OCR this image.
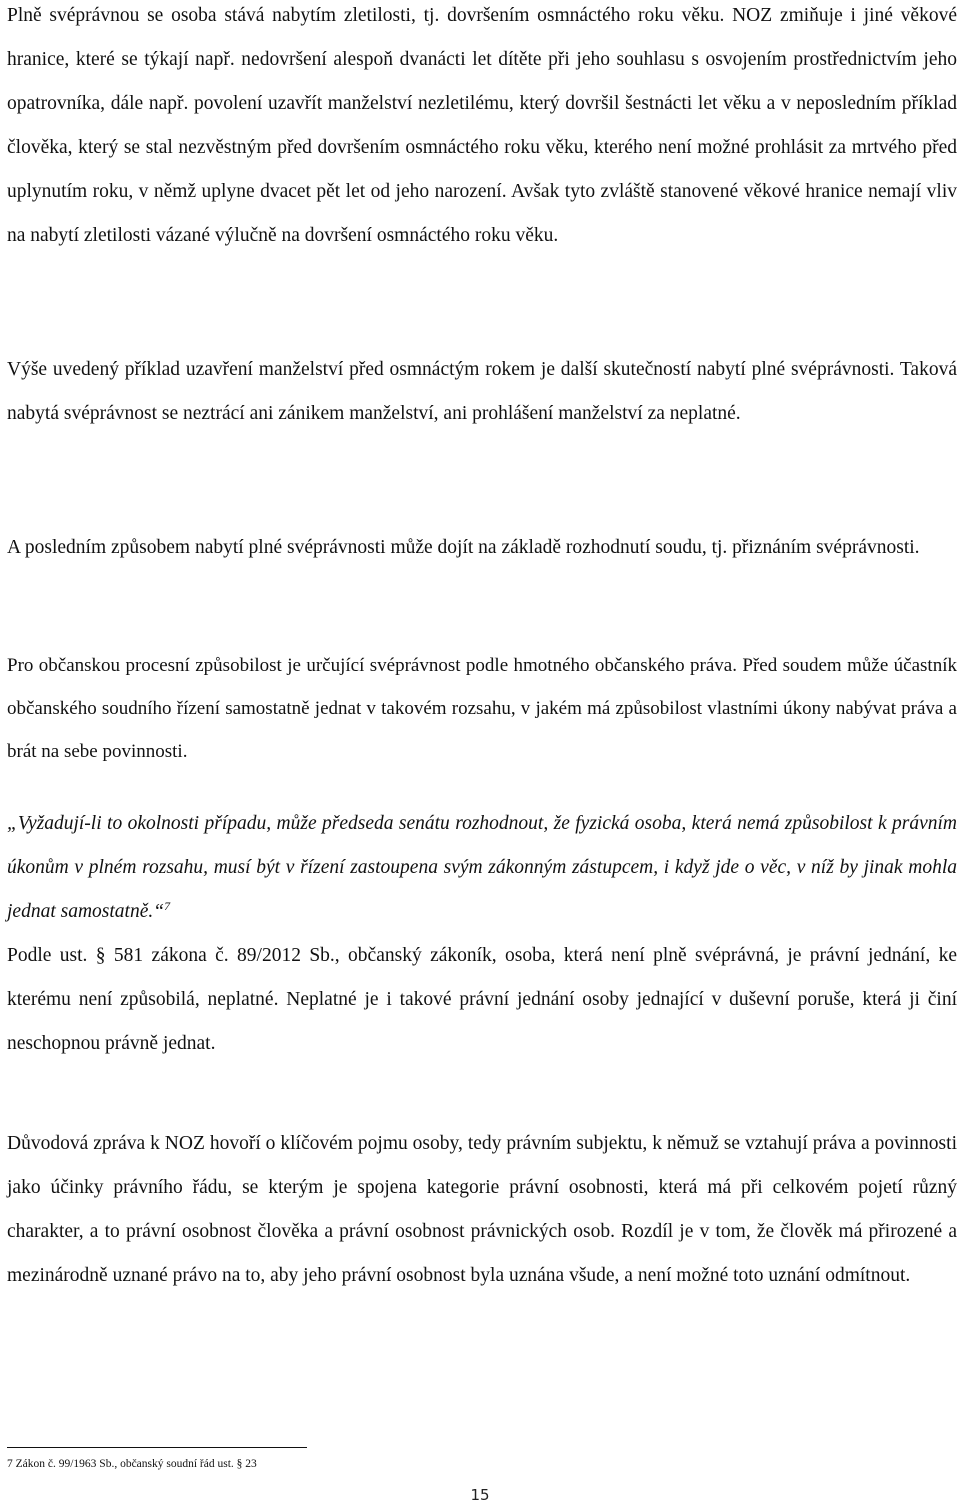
Plně svéprávnou se osoba stává nabytím zletilosti, tj. dovršením osmnáctého roku věku. NOZ zmiňuje i jiné věkové hranice, které se týkají např. nedovršení alespoň dvanácti let dítěte při jeho souhlasu s osvojením prostřednictvím jeho opatrovníka, dále např. povolení uzavřít manželství nezletilému, který dovršil šestnácti let věku a v neposledním příklad člověka, který se stal nezvěstným před dovršením osmnáctého roku věku, kterého není možné prohlásit za mrtvého před uplynutím roku, v němž uplyne dvacet pět let od jeho narození. Avšak tyto zvláště stanovené věkové hranice nemají vliv na nabytí zletilosti vázané výlučně na dovršení osmnáctého roku věku.

Výše uvedený příklad uzavření manželství před osmnáctým rokem je další skutečností nabytí plné svéprávnosti. Taková nabytá svéprávnost se neztrácí ani zánikem manželství, ani prohlášení manželství za neplatné.

A posledním způsobem nabytí plné svéprávnosti může dojít na základě rozhodnutí soudu, tj. přiznáním svéprávnosti.

Pro občanskou procesní způsobilost je určující svéprávnost podle hmotného občanského práva. Před soudem může účastník občanského soudního řízení samostatně jednat v takovém rozsahu, v jakém má způsobilost vlastními úkony nabývat práva a brát na sebe povinnosti.

„Vyžadují-li to okolnosti případu, může předseda senátu rozhodnout, že fyzická osoba, která nemá způsobilost k právním úkonům v plném rozsahu, musí být v řízení zastoupena svým zákonným zástupcem, i když jde o věc, v níž by jinak mohla jednat samostatně.“$^7$

Podle ust. § 581 zákona č. 89/2012 Sb., občanský zákoník, osoba, která není plně svéprávná, je právní jednání, ke kterému není způsobilá, neplatné. Neplatné je i takové právní jednání osoby jednající v duševní poruše, která ji činí neschopnou právně jednat.

Důvodová zpráva k NOZ hovoří o klíčovém pojmu osoby, tedy právním subjektu, k němuž se vztahují práva a povinnosti jako účinky právního řádu, se kterým je spojena kategorie právní osobnosti, která má při celkovém pojetí různý charakter, a to právní osobnost člověka a právní osobnost právnických osob. Rozdíl je v tom, že člověk má přirozené a mezinárodně uznané právo na to, aby jeho právní osobnost byla uznána všude, a není možné toto uznání odmítnout.

7 Zákon č. 99/1963 Sb., občanský soudní řád ust. § 23
15
